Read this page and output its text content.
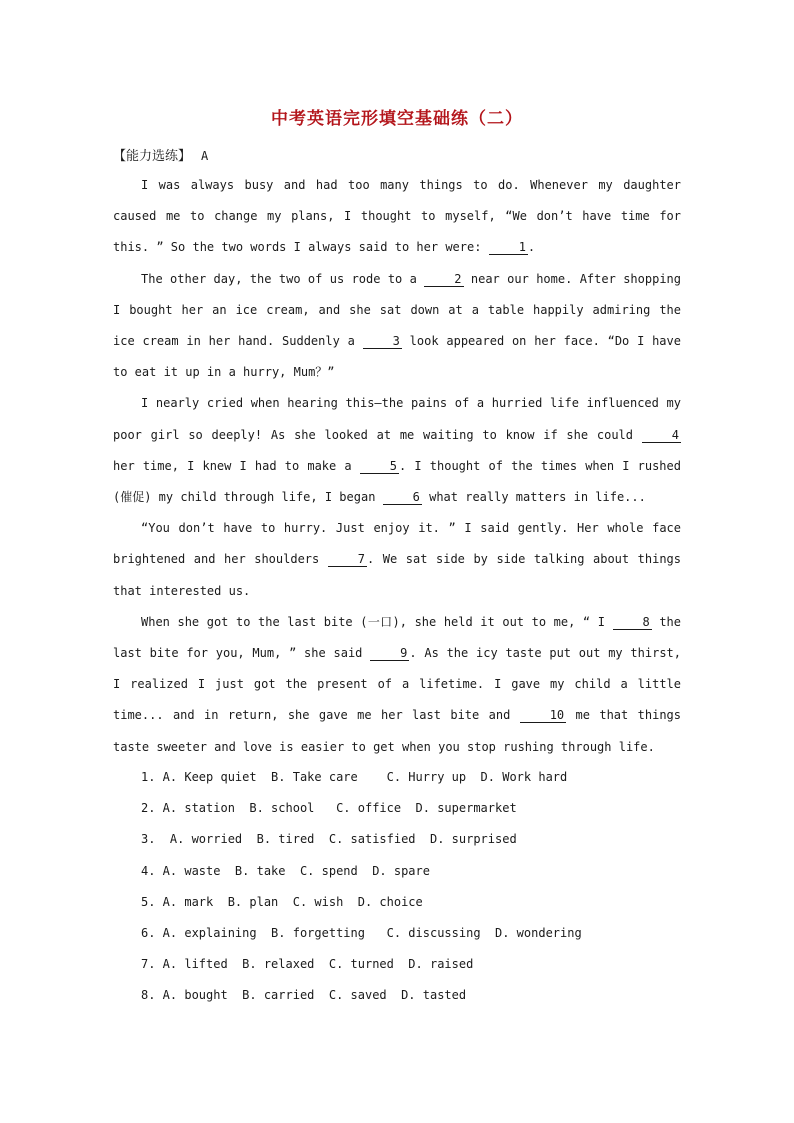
中考英语完形填空基础练（二）
【能力选练】 A

I was always busy and had too many things to do. Whenever my daughter caused me to change my plans, I thought to myself, “We don’t have time for this. ” So the two words I always said to her were:	1 .

The other day, the two of us rode to a	2 near our home. After shopping I bought her an ice cream, and she sat down at a table happily admiring the ice cream in her hand. Suddenly a	3 look appeared on her face. “Do I have to eat it up in a hurry, Mum？”

I nearly cried when hearing this—the pains of a hurried life influenced my poor girl so deeply! As she looked at me waiting to know if she could	4 her time, I knew I had to make a	5 . I thought of the times when I rushed (催促) my child through life, I began	6 what really matters in life...

“You don’t have to hurry. Just enjoy it. ” I said gently. Her whole face brightened and her shoulders	7 . We sat side by side talking about things that interested us.

When she got to the last bite (一口), she held it out to me, “ I	8 the last bite for you, Mum, ” she said	9 . As the icy taste put out my thirst, I realized I just got the present of a lifetime. I gave my child a little time... and in return, she gave me her last bite and	10 me that things taste sweeter and love is easier to get when you stop rushing through life.

1. A. Keep quiet  B. Take care    C. Hurry up  D. Work hard
2. A. station  B. school   C. office  D. supermarket
3.  A. worried  B. tired  C. satisfied  D. surprised
4. A. waste  B. take  C. spend  D. spare
5. A. mark  B. plan  C. wish  D. choice
6. A. explaining  B. forgetting   C. discussing  D. wondering
7. A. lifted  B. relaxed  C. turned  D. raised
8. A. bought  B. carried  C. saved  D. tasted
